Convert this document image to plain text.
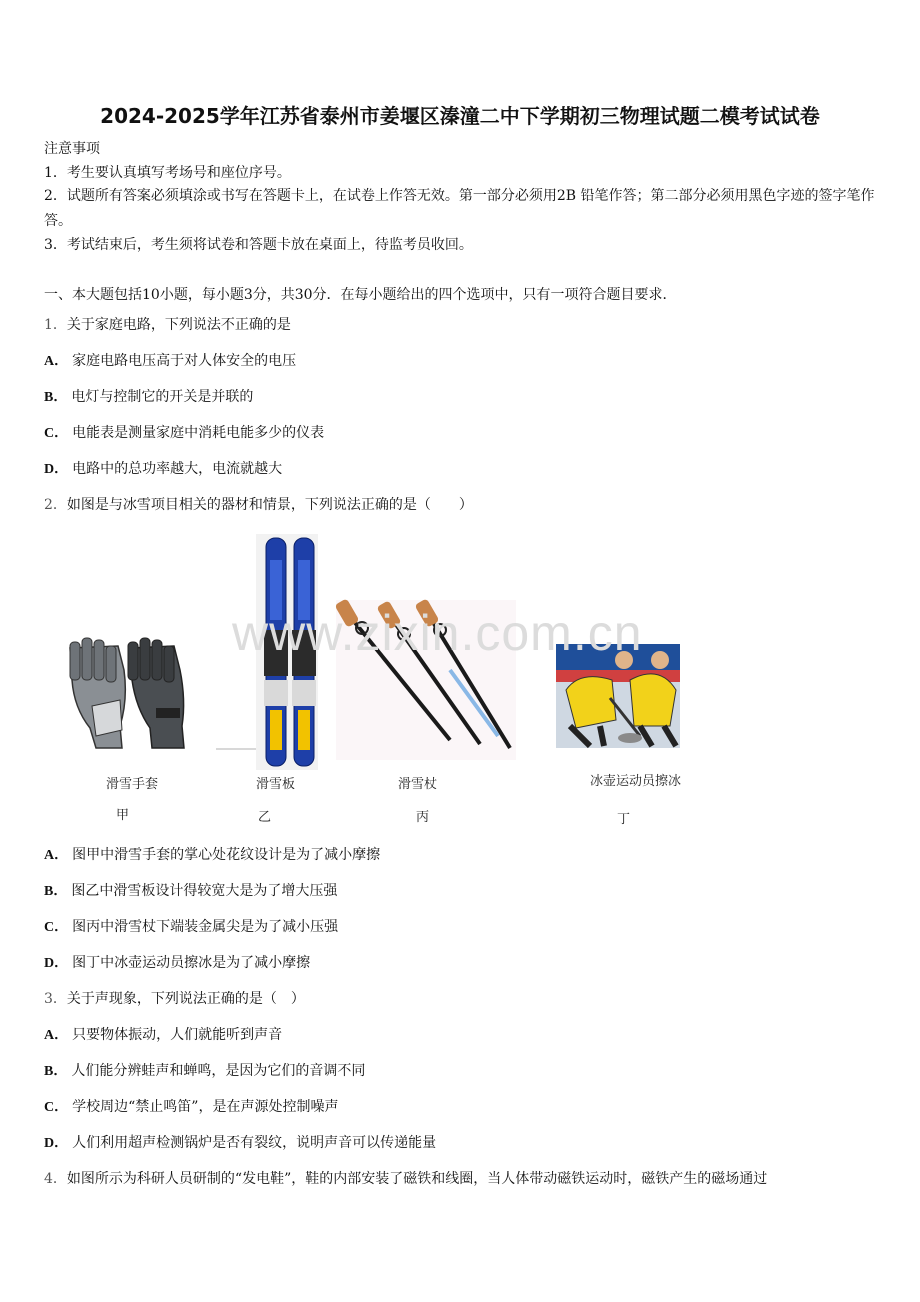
2024-2025学年江苏省泰州市姜堰区溱潼二中下学期初三物理试题二模考试试卷
注意事项
1．考生要认真填写考场号和座位序号。
2．试题所有答案必须填涂或书写在答题卡上，在试卷上作答无效。第一部分必须用2B 铅笔作答；第二部分必须用黑色字迹的签字笔作答。
3．考试结束后，考生须将试卷和答题卡放在桌面上，待监考员收回。
一、本大题包括10小题，每小题3分，共30分．在每小题给出的四个选项中，只有一项符合题目要求．
1．关于家庭电路，下列说法不正确的是
A． 家庭电路电压高于对人体安全的电压
B． 电灯与控制它的开关是并联的
C． 电能表是测量家庭中消耗电能多少的仪表
D． 电路中的总功率越大，电流就越大
2．如图是与冰雪项目相关的器材和情景，下列说法正确的是（　　）
www.zixin.com.cn
滑雪手套	滑雪板	滑雪杖	冰壶运动员擦冰
甲	乙	丙	丁
A． 图甲中滑雪手套的掌心处花纹设计是为了减小摩擦
B． 图乙中滑雪板设计得较宽大是为了增大压强
C． 图丙中滑雪杖下端装金属尖是为了减小压强
D． 图丁中冰壶运动员擦冰是为了减小摩擦
3．关于声现象，下列说法正确的是（　）
A． 只要物体振动，人们就能听到声音
B． 人们能分辨蛙声和蝉鸣，是因为它们的音调不同
C． 学校周边“禁止鸣笛”，是在声源处控制噪声
D． 人们利用超声检测锅炉是否有裂纹，说明声音可以传递能量
4．如图所示为科研人员研制的“发电鞋”，鞋的内部安装了磁铁和线圈，当人体带动磁铁运动时，磁铁产生的磁场通过
